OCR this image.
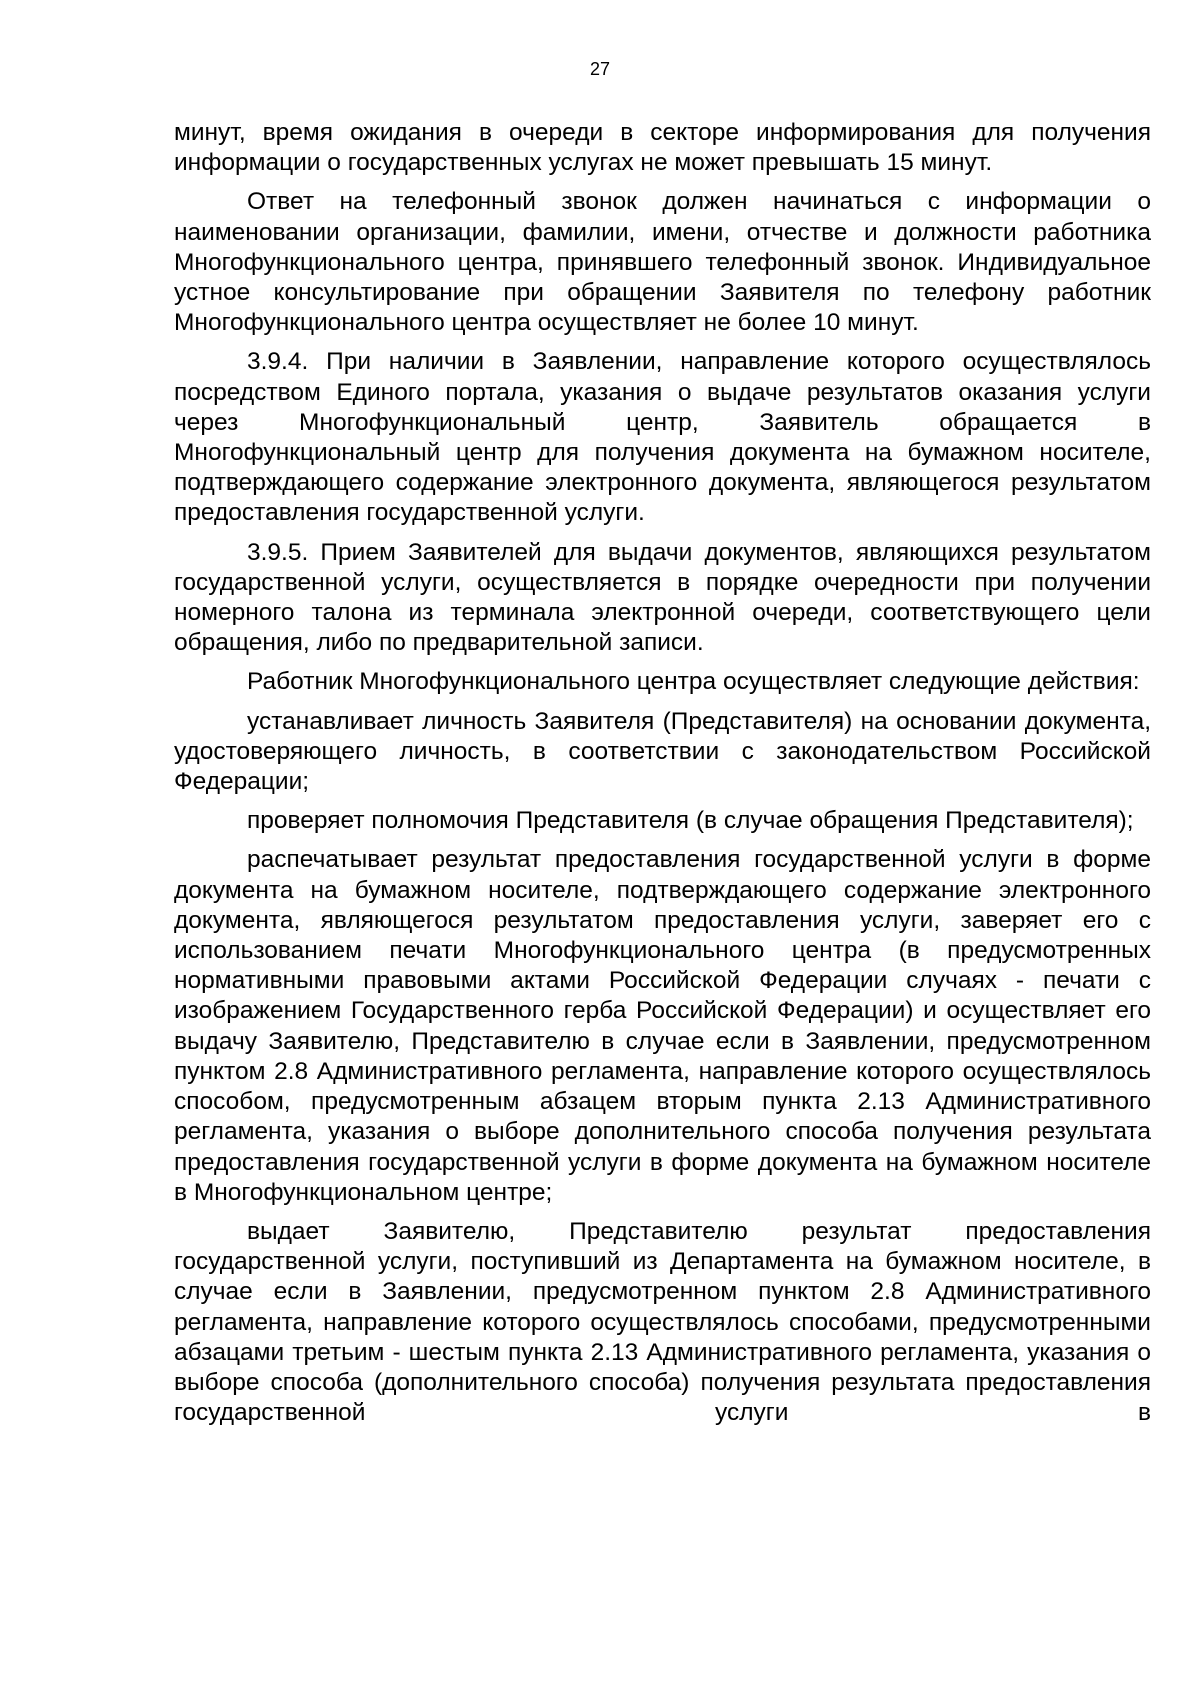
27

минут, время ожидания в очереди в секторе информирования для получения информации о государственных услугах не может превышать 15 минут.

Ответ на телефонный звонок должен начинаться с информации о наименовании организации, фамилии, имени, отчестве и должности работника Многофункционального центра, принявшего телефонный звонок. Индивидуальное устное консультирование при обращении Заявителя по телефону работник Многофункционального центра осуществляет не более 10 минут.

3.9.4. При наличии в Заявлении, направление которого осуществлялось посредством Единого портала, указания о выдаче результатов оказания услуги через Многофункциональный центр, Заявитель обращается в Многофункциональный центр для получения документа на бумажном носителе, подтверждающего содержание электронного документа, являющегося результатом предоставления государственной услуги.

3.9.5. Прием Заявителей для выдачи документов, являющихся результатом государственной услуги, осуществляется в порядке очередности при получении номерного талона из терминала электронной очереди, соответствующего цели обращения, либо по предварительной записи.

Работник Многофункционального центра осуществляет следующие действия:

устанавливает личность Заявителя (Представителя) на основании документа, удостоверяющего личность, в соответствии с законодательством Российской Федерации;

проверяет полномочия Представителя (в случае обращения Представителя);

распечатывает результат предоставления государственной услуги в форме документа на бумажном носителе, подтверждающего содержание электронного документа, являющегося результатом предоставления услуги, заверяет его с использованием печати Многофункционального центра (в предусмотренных нормативными правовыми актами Российской Федерации случаях - печати с изображением Государственного герба Российской Федерации) и осуществляет его выдачу Заявителю, Представителю в случае если в Заявлении, предусмотренном пунктом 2.8 Административного регламента, направление которого осуществлялось способом, предусмотренным абзацем вторым пункта 2.13 Административного регламента, указания о выборе дополнительного способа получения результата предоставления государственной услуги в форме документа на бумажном носителе в Многофункциональном центре;

выдает Заявителю, Представителю результат предоставления государственной услуги, поступивший из Департамента на бумажном носителе, в случае если в Заявлении, предусмотренном пунктом 2.8 Административного регламента, направление которого осуществлялось способами, предусмотренными абзацами третьим - шестым пункта 2.13 Административного регламента, указания о выборе способа (дополнительного способа) получения результата предоставления государственной услуги в
